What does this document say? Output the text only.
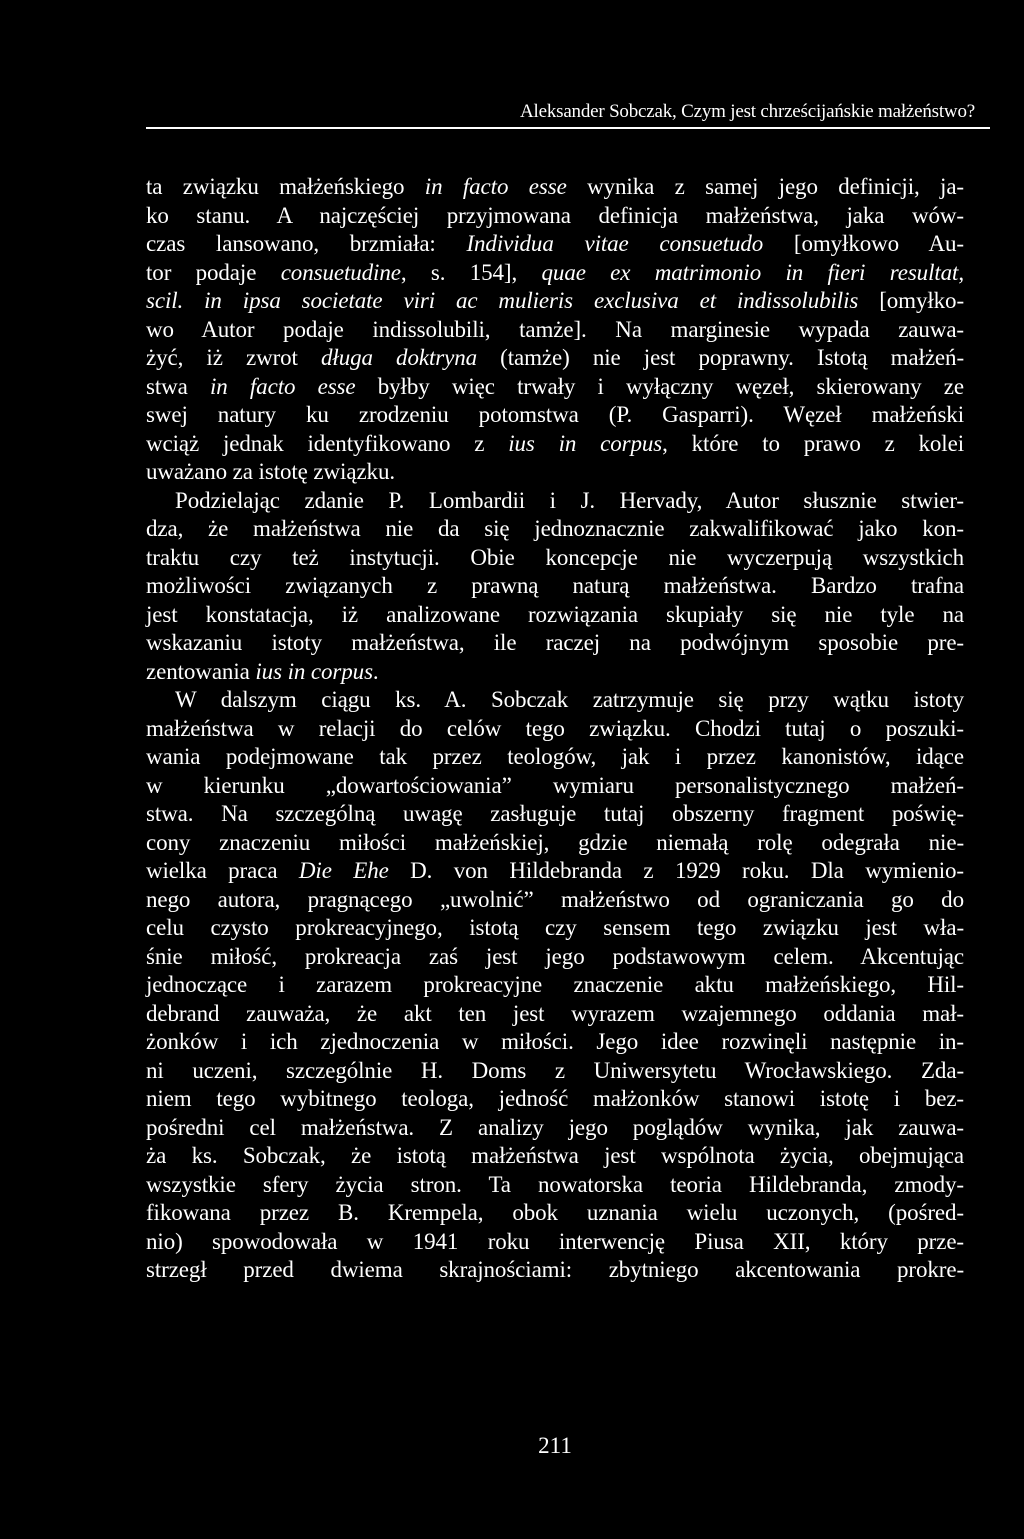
Aleksander Sobczak, Czym jest chrześcijańskie małżeństwo?
ta związku małżeńskiego in facto esse wynika z samej jego definicji, ja-
ko stanu. A najczęściej przyjmowana definicja małżeństwa, jaka wów-
czas lansowano, brzmiała: Individua vitae consuetudo [omyłkowo Au-
tor podaje consuetudine, s. 154], quae ex matrimonio in fieri resultat,
scil. in ipsa societate viri ac mulieris exclusiva et indissolubilis [omyłko-
wo Autor podaje indissolubili, tamże]. Na marginesie wypada zauwa-
żyć, iż zwrot długa doktryna (tamże) nie jest poprawny. Istotą małżeń-
stwa in facto esse byłby więc trwały i wyłączny węzeł, skierowany ze
swej natury ku zrodzeniu potomstwa (P. Gasparri). Węzeł małżeński
wciąż jednak identyfikowano z ius in corpus, które to prawo z kolei
uważano za istotę związku.
Podzielając zdanie P. Lombardii i J. Hervady, Autor słusznie stwier-
dza, że małżeństwa nie da się jednoznacznie zakwalifikować jako kon-
traktu czy też instytucji. Obie koncepcje nie wyczerpują wszystkich
możliwości związanych z prawną naturą małżeństwa. Bardzo trafna
jest konstatacja, iż analizowane rozwiązania skupiały się nie tyle na
wskazaniu istoty małżeństwa, ile raczej na podwójnym sposobie pre-
zentowania ius in corpus.
W dalszym ciągu ks. A. Sobczak zatrzymuje się przy wątku istoty
małżeństwa w relacji do celów tego związku. Chodzi tutaj o poszuki-
wania podejmowane tak przez teologów, jak i przez kanonistów, idące
w kierunku „dowartościowania” wymiaru personalistycznego małżeń-
stwa. Na szczególną uwagę zasługuje tutaj obszerny fragment poświę-
cony znaczeniu miłości małżeńskiej, gdzie niemałą rolę odegrała nie-
wielka praca Die Ehe D. von Hildebranda z 1929 roku. Dla wymienio-
nego autora, pragnącego „uwolnić” małżeństwo od ograniczania go do
celu czysto prokreacyjnego, istotą czy sensem tego związku jest wła-
śnie miłość, prokreacja zaś jest jego podstawowym celem. Akcentując
jednoczące i zarazem prokreacyjne znaczenie aktu małżeńskiego, Hil-
debrand zauważa, że akt ten jest wyrazem wzajemnego oddania mał-
żonków i ich zjednoczenia w miłości. Jego idee rozwinęli następnie in-
ni uczeni, szczególnie H. Doms z Uniwersytetu Wrocławskiego. Zda-
niem tego wybitnego teologa, jedność małżonków stanowi istotę i bez-
pośredni cel małżeństwa. Z analizy jego poglądów wynika, jak zauwa-
ża ks. Sobczak, że istotą małżeństwa jest wspólnota życia, obejmująca
wszystkie sfery życia stron. Ta nowatorska teoria Hildebranda, zmody-
fikowana przez B. Krempela, obok uznania wielu uczonych, (pośred-
nio) spowodowała w 1941 roku interwencję Piusa XII, który prze-
strzegł przed dwiema skrajnościami: zbytniego akcentowania prokre-
211
